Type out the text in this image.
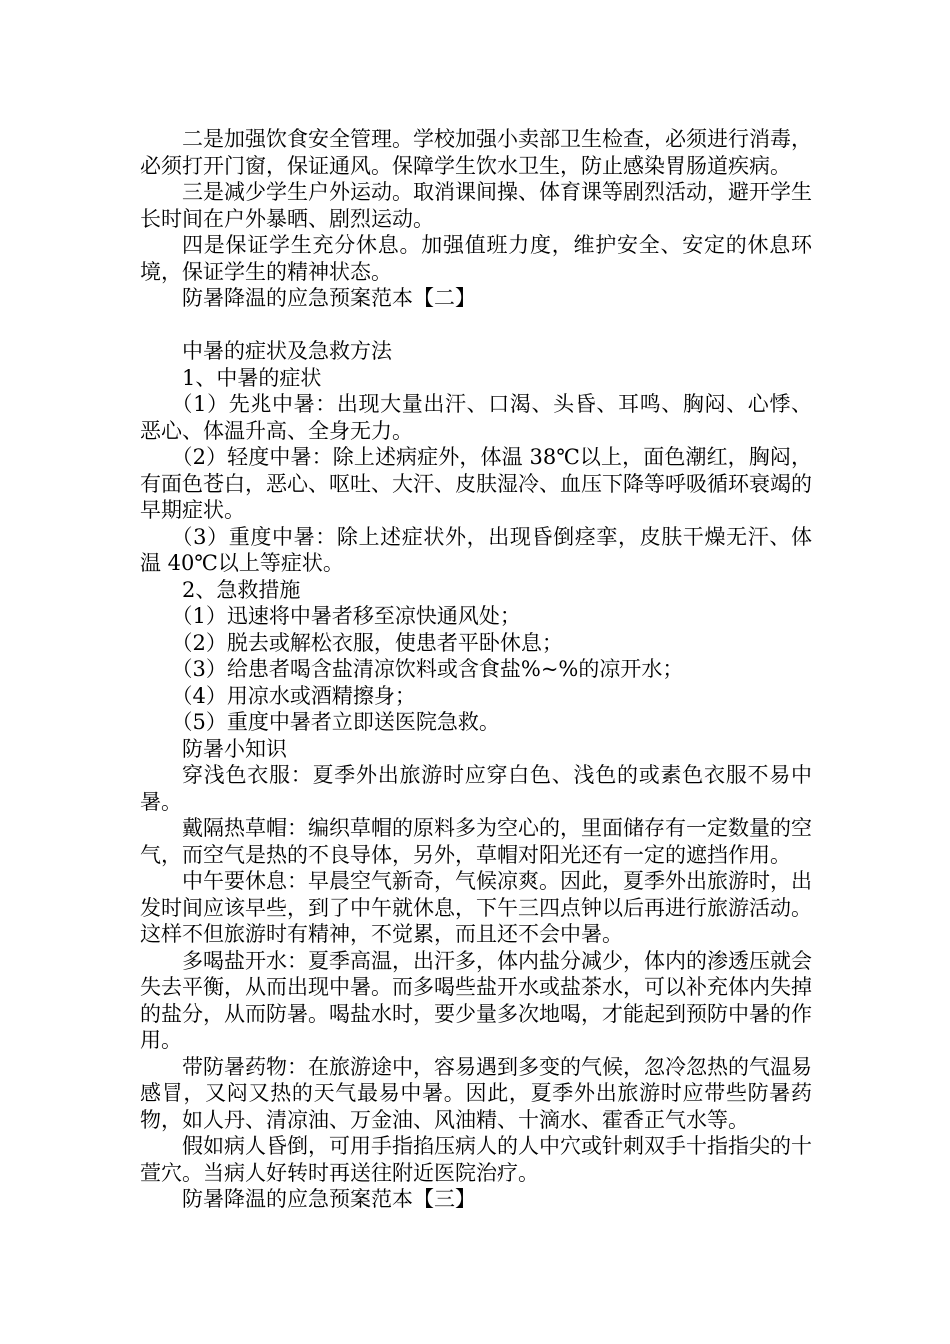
二是加强饮食安全管理。学校加强小卖部卫生检查，必须进行消毒，必须打开门窗，保证通风。保障学生饮水卫生，防止感染胃肠道疾病。

三是减少学生户外运动。取消课间操、体育课等剧烈活动，避开学生长时间在户外暴晒、剧烈运动。

四是保证学生充分休息。加强值班力度，维护安全、安定的休息环境，保证学生的精神状态。

防暑降温的应急预案范本【二】

中暑的症状及急救方法

1、中暑的症状

（1）先兆中暑：出现大量出汗、口渴、头昏、耳鸣、胸闷、心悸、恶心、体温升高、全身无力。

（2）轻度中暑：除上述病症外，体温 38℃以上，面色潮红，胸闷，有面色苍白，恶心、呕吐、大汗、皮肤湿冷、血压下降等呼吸循环衰竭的早期症状。

（3）重度中暑：除上述症状外，出现昏倒痉挛，皮肤干燥无汗、体温 40℃以上等症状。

2、急救措施

（1）迅速将中暑者移至凉快通风处；

（2）脱去或解松衣服，使患者平卧休息；

（3）给患者喝含盐清凉饮料或含食盐%~%的凉开水；

（4）用凉水或酒精擦身；

（5）重度中暑者立即送医院急救。

防暑小知识

穿浅色衣服：夏季外出旅游时应穿白色、浅色的或素色衣服不易中暑。

戴隔热草帽：编织草帽的原料多为空心的，里面储存有一定数量的空气，而空气是热的不良导体，另外，草帽对阳光还有一定的遮挡作用。

中午要休息：早晨空气新奇，气候凉爽。因此，夏季外出旅游时，出发时间应该早些，到了中午就休息，下午三四点钟以后再进行旅游活动。这样不但旅游时有精神，不觉累，而且还不会中暑。

多喝盐开水：夏季高温，出汗多，体内盐分减少，体内的渗透压就会失去平衡，从而出现中暑。而多喝些盐开水或盐茶水，可以补充体内失掉的盐分，从而防暑。喝盐水时，要少量多次地喝，才能起到预防中暑的作用。

带防暑药物：在旅游途中，容易遇到多变的气候，忽冷忽热的气温易感冒，又闷又热的天气最易中暑。因此，夏季外出旅游时应带些防暑药物，如人丹、清凉油、万金油、风油精、十滴水、霍香正气水等。

假如病人昏倒，可用手指掐压病人的人中穴或针刺双手十指指尖的十萱穴。当病人好转时再送往附近医院治疗。

防暑降温的应急预案范本【三】
